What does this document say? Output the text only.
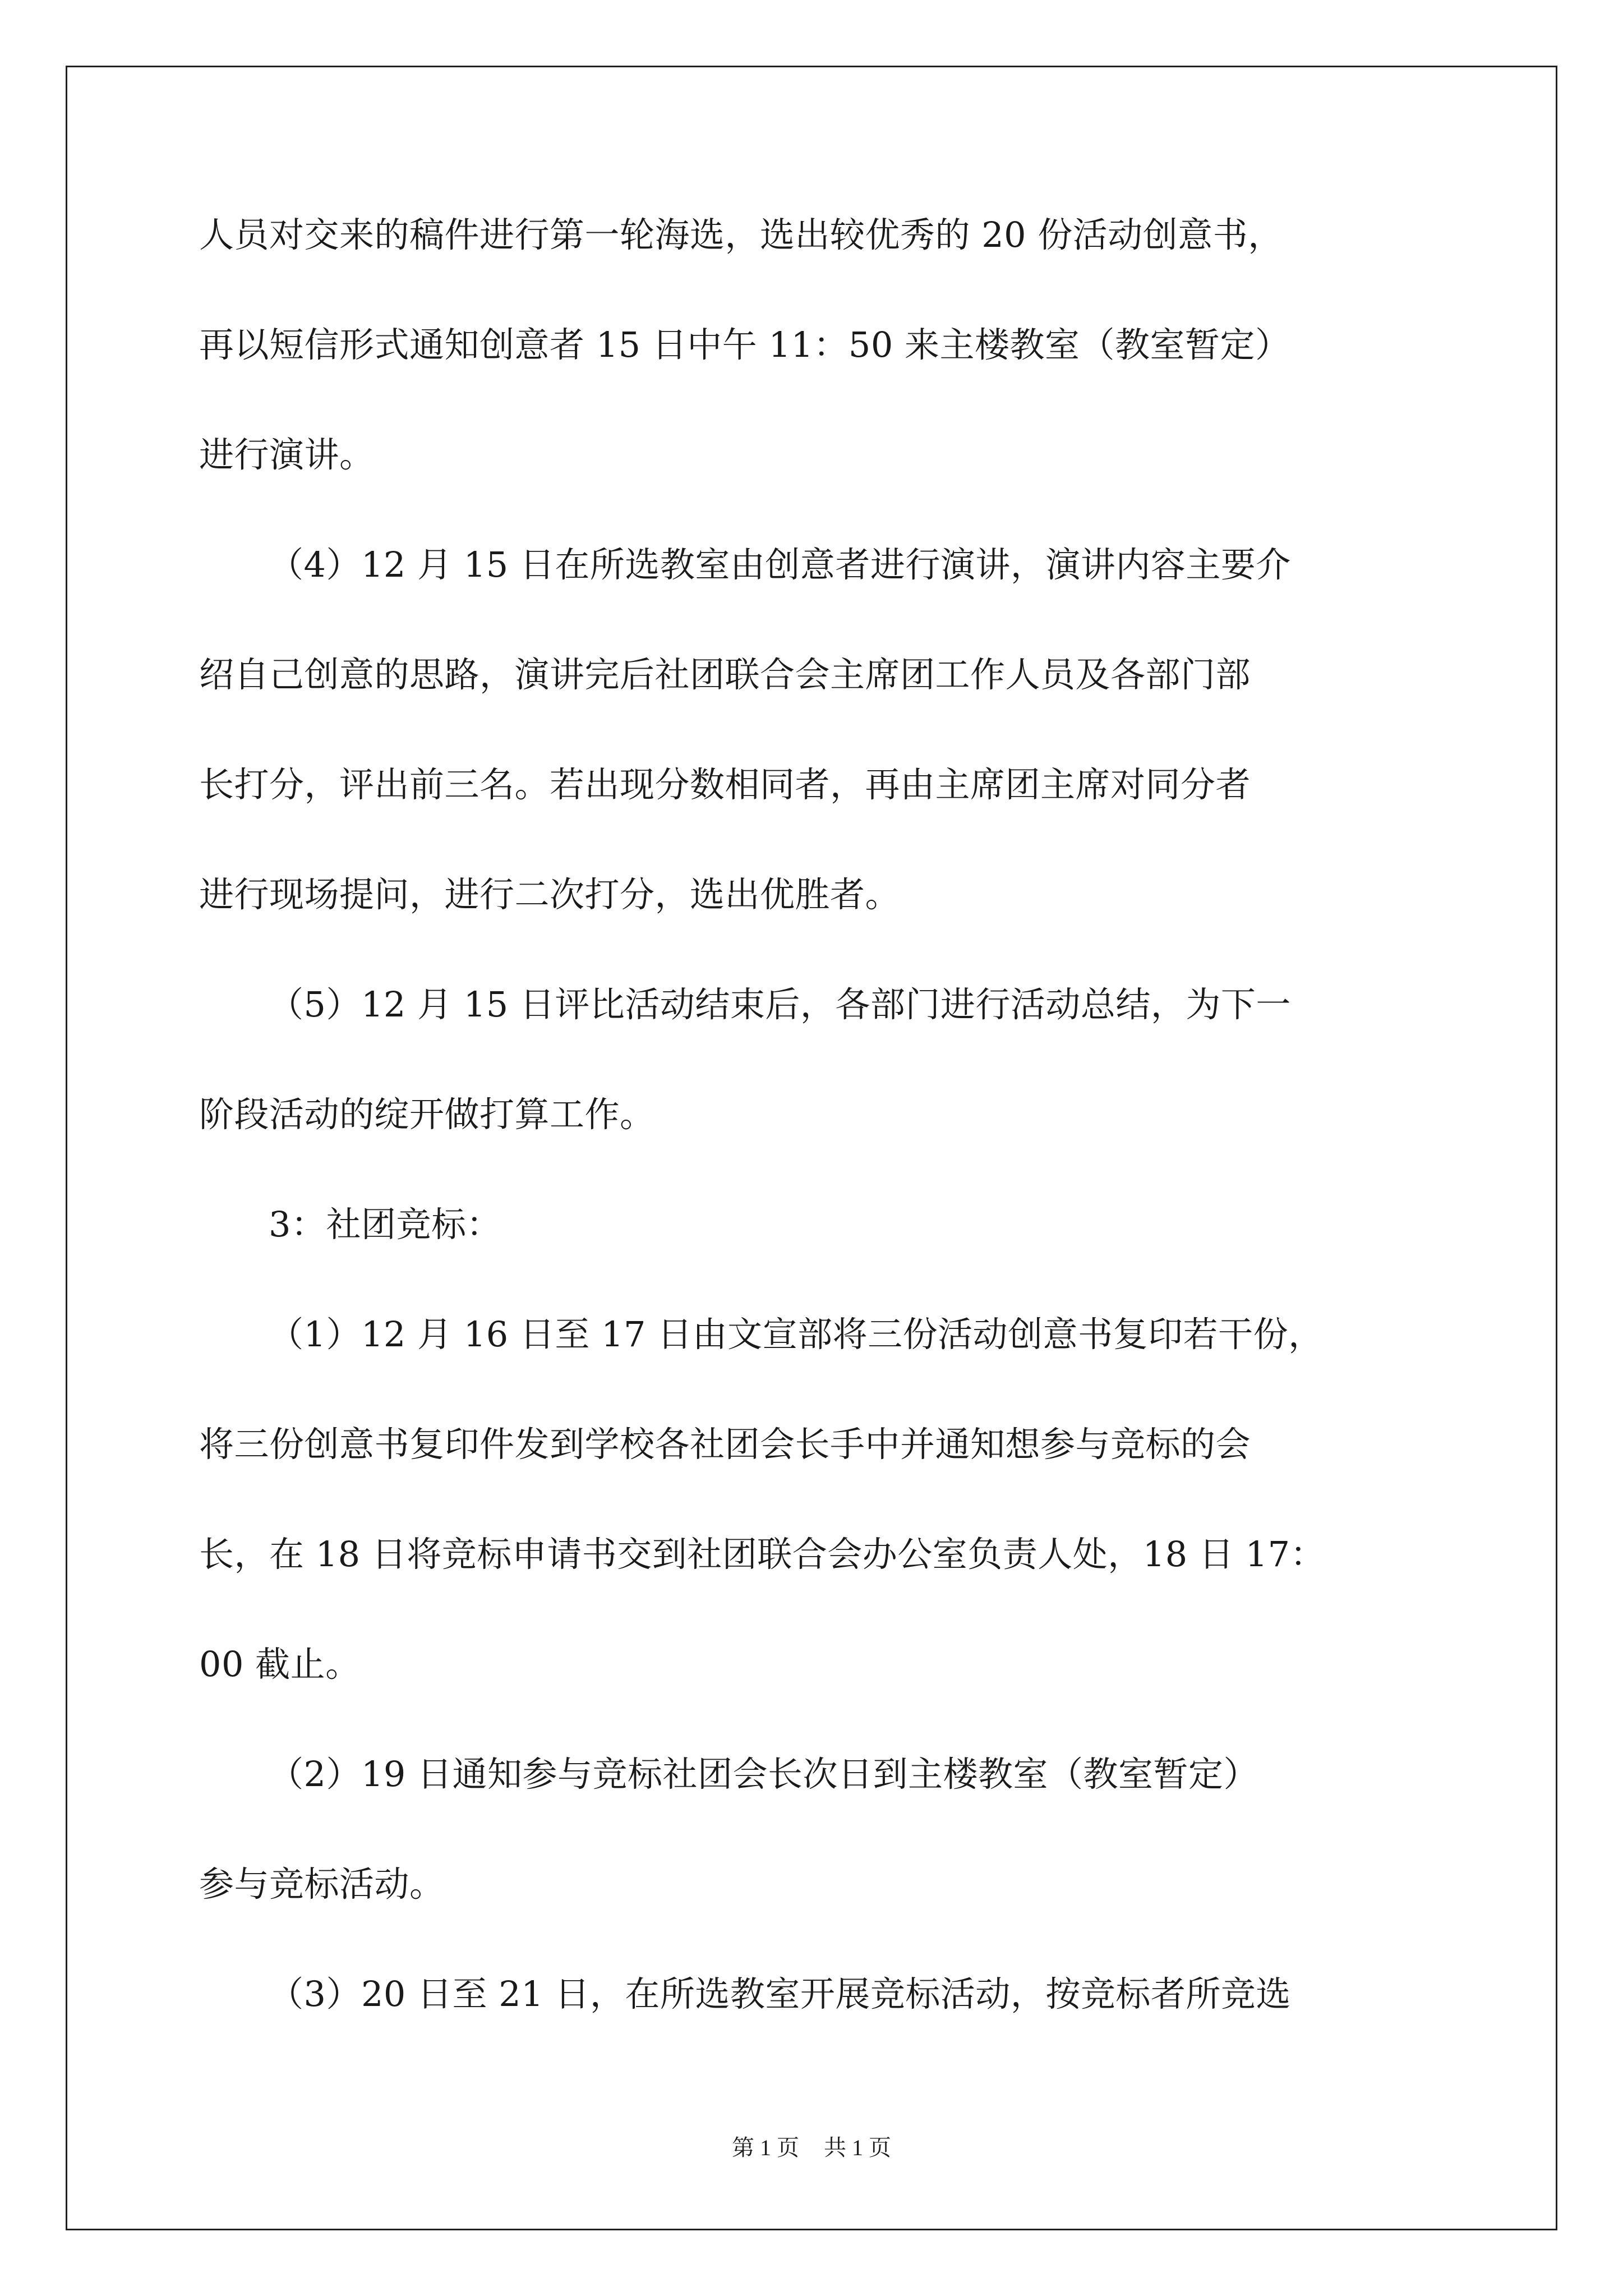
人员对交来的稿件进行第一轮海选，选出较优秀的 20 份活动创意书，
再以短信形式通知创意者 15 日中午 11：50 来主楼教室（教室暂定）
进行演讲。
（4）12 月 15 日在所选教室由创意者进行演讲，演讲内容主要介
绍自己创意的思路，演讲完后社团联合会主席团工作人员及各部门部
长打分，评出前三名。若出现分数相同者，再由主席团主席对同分者
进行现场提问，进行二次打分，选出优胜者。
（5）12 月 15 日评比活动结束后，各部门进行活动总结，为下一
阶段活动的绽开做打算工作。
3：社团竞标：
（1）12 月 16 日至 17 日由文宣部将三份活动创意书复印若干份，
将三份创意书复印件发到学校各社团会长手中并通知想参与竞标的会
长，在 18 日将竞标申请书交到社团联合会办公室负责人处，18 日 17：
00 截止。
（2）19 日通知参与竞标社团会长次日到主楼教室（教室暂定）
参与竞标活动。
（3）20 日至 21 日，在所选教室开展竞标活动，按竞标者所竞选
第 1 页 共 1 页
